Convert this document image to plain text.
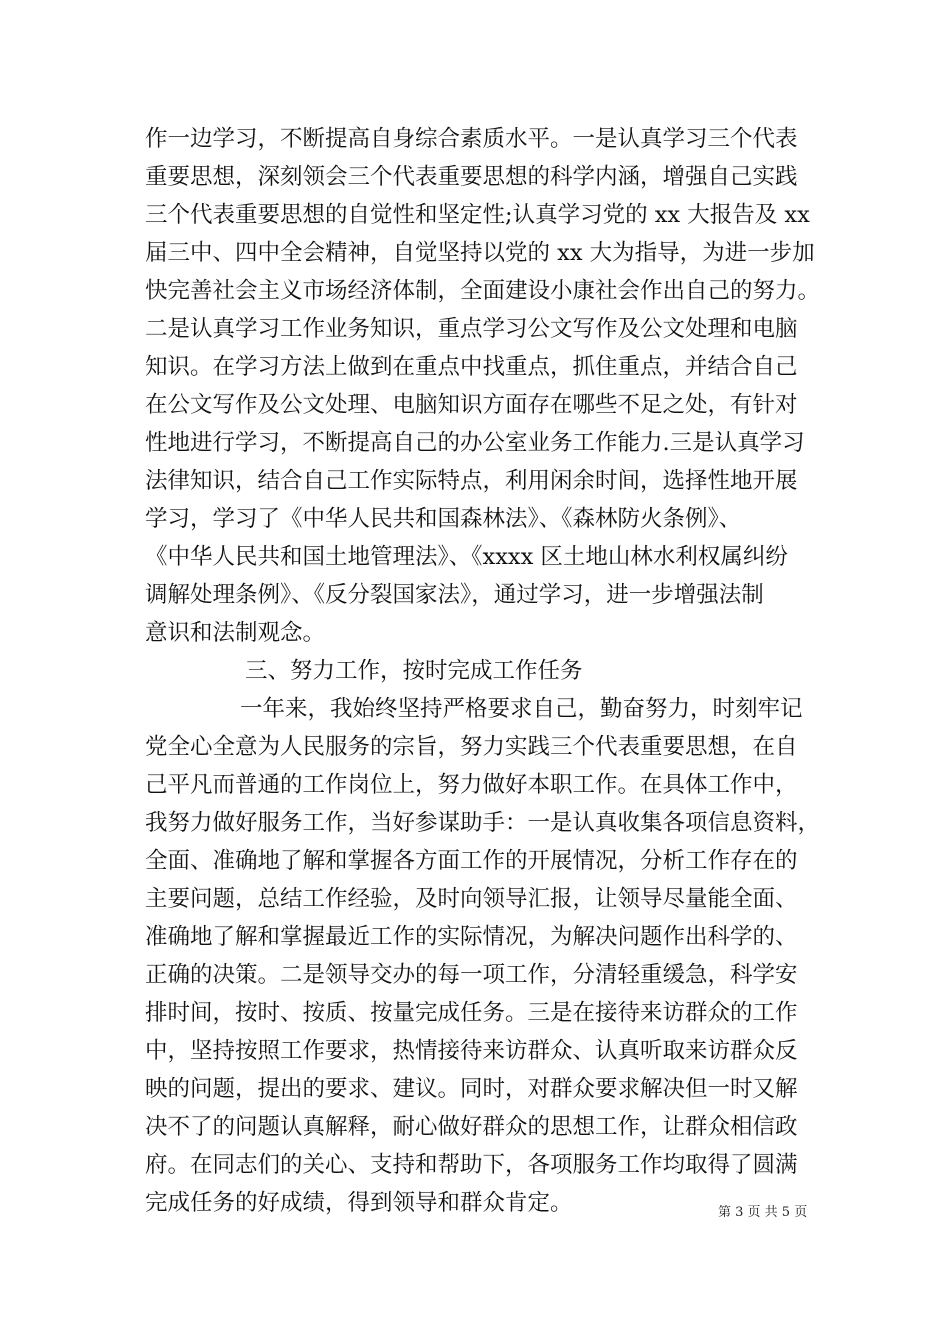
作一边学习，不断提高自身综合素质水平。一是认真学习三个代表
重要思想，深刻领会三个代表重要思想的科学内涵，增强自己实践
三个代表重要思想的自觉性和坚定性;认真学习党的 xx 大报告及 xx
届三中、四中全会精神，自觉坚持以党的 xx 大为指导，为进一步加
快完善社会主义市场经济体制，全面建设小康社会作出自己的努力。
二是认真学习工作业务知识，重点学习公文写作及公文处理和电脑
知识。在学习方法上做到在重点中找重点，抓住重点，并结合自己
在公文写作及公文处理、电脑知识方面存在哪些不足之处，有针对
性地进行学习，不断提高自己的办公室业务工作能力.三是认真学习
法律知识，结合自己工作实际特点，利用闲余时间，选择性地开展
学习，学习了《中华人民共和国森林法》、《森林防火条例》、
《中华人民共和国土地管理法》、《xxxx 区土地山林水利权属纠纷
调解处理条例》、《反分裂国家法》，通过学习，进一步增强法制
意识和法制观念。
三、努力工作，按时完成工作任务
一年来，我始终坚持严格要求自己，勤奋努力，时刻牢记
党全心全意为人民服务的宗旨，努力实践三个代表重要思想，在自
己平凡而普通的工作岗位上，努力做好本职工作。在具体工作中，
我努力做好服务工作，当好参谋助手：一是认真收集各项信息资料，
全面、准确地了解和掌握各方面工作的开展情况，分析工作存在的
主要问题，总结工作经验，及时向领导汇报，让领导尽量能全面、
准确地了解和掌握最近工作的实际情况，为解决问题作出科学的、
正确的决策。二是领导交办的每一项工作，分清轻重缓急，科学安
排时间，按时、按质、按量完成任务。三是在接待来访群众的工作
中，坚持按照工作要求，热情接待来访群众、认真听取来访群众反
映的问题，提出的要求、建议。同时，对群众要求解决但一时又解
决不了的问题认真解释，耐心做好群众的思想工作，让群众相信政
府。在同志们的关心、支持和帮助下，各项服务工作均取得了圆满
完成任务的好成绩，得到领导和群众肯定。	第 3 页 共 5 页
